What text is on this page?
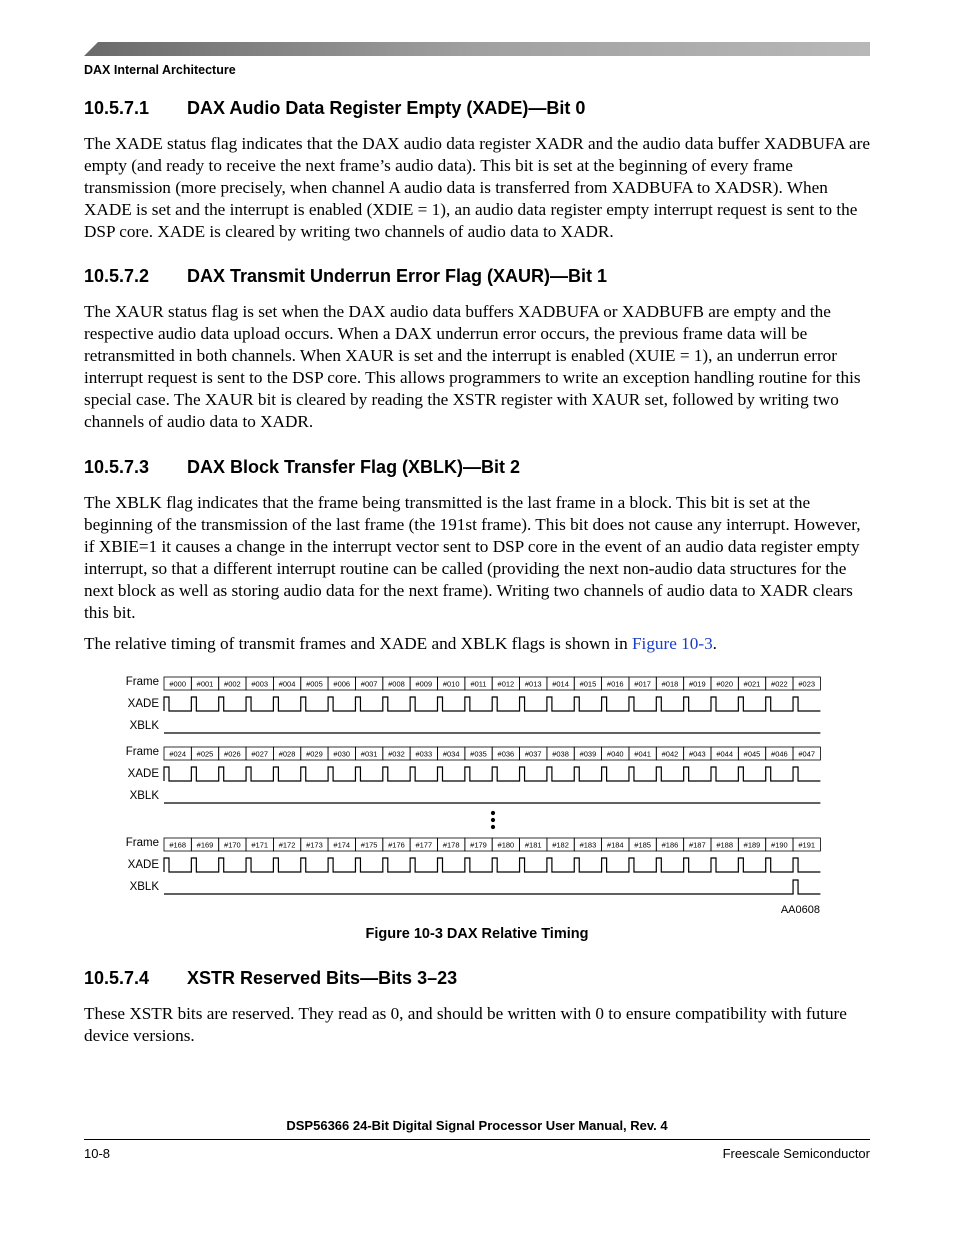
DAX Internal Architecture
10.5.7.1 DAX Audio Data Register Empty (XADE)—Bit 0

The XADE status flag indicates that the DAX audio data register XADR and the audio data buffer XADBUFA are empty (and ready to receive the next frame’s audio data). This bit is set at the beginning of every frame transmission (more precisely, when channel A audio data is transferred from XADBUFA to XADSR). When XADE is set and the interrupt is enabled (XDIE = 1), an audio data register empty interrupt request is sent to the DSP core. XADE is cleared by writing two channels of audio data to XADR.

10.5.7.2 DAX Transmit Underrun Error Flag (XAUR)—Bit 1

The XAUR status flag is set when the DAX audio data buffers XADBUFA or XADBUFB are empty and the respective audio data upload occurs. When a DAX underrun error occurs, the previous frame data will be retransmitted in both channels. When XAUR is set and the interrupt is enabled (XUIE = 1), an underrun error interrupt request is sent to the DSP core. This allows programmers to write an exception handling routine for this special case. The XAUR bit is cleared by reading the XSTR register with XAUR set, followed by writing two channels of audio data to XADR.

10.5.7.3 DAX Block Transfer Flag (XBLK)—Bit 2

The XBLK flag indicates that the frame being transmitted is the last frame in a block. This bit is set at the beginning of the transmission of the last frame (the 191st frame). This bit does not cause any interrupt. However, if XBIE=1 it causes a change in the interrupt vector sent to DSP core in the event of an audio data register empty interrupt, so that a different interrupt routine can be called (providing the next non-audio data structures for the next block as well as storing audio data for the next frame). Writing two channels of audio data to XADR clears this bit.

The relative timing of transmit frames and XADE and XBLK flags is shown in Figure 10-3.

Frame
XADE
XBLK
#000 #001 #002 #003 #004 #005 #006 #007 #008 #009 #010 #011 #012 #013 #014 #015 #016 #017 #018 #019 #020 #021 #022 #023
Frame
XADE
XBLK
#024 #025 #026 #027 #028 #029 #030 #031 #032 #033 #034 #035 #036 #037 #038 #039 #040 #041 #042 #043 #044 #045 #046 #047
Frame
XADE
XBLK
#168 #169 #170 #171 #172 #173 #174 #175 #176 #177 #178 #179 #180 #181 #182 #183 #184 #185 #186 #187 #188 #189 #190 #191
AA0608
Figure 10-3 DAX Relative Timing
10.5.7.4 XSTR Reserved Bits—Bits 3–23

These XSTR bits are reserved. They read as 0, and should be written with 0 to ensure compatibility with future device versions.

DSP56366 24-Bit Digital Signal Processor User Manual, Rev. 4
10-8	Freescale Semiconductor
